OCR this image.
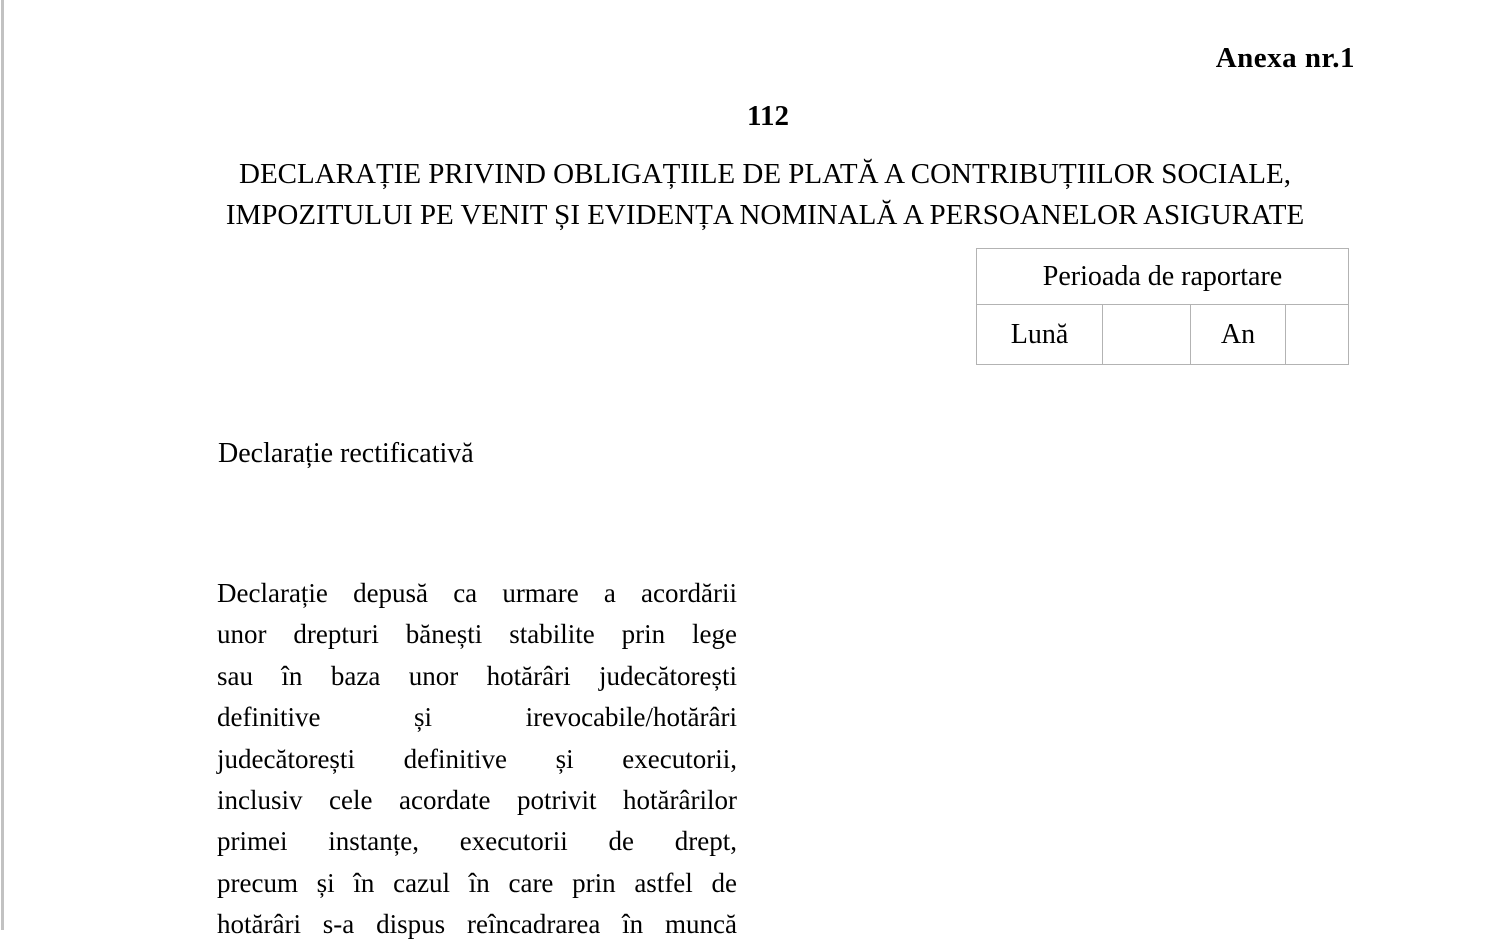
Anexa nr.1
112
DECLARAȚIE PRIVIND OBLIGAȚIILE DE PLATĂ A CONTRIBUȚIILOR SOCIALE,
IMPOZITULUI PE VENIT ȘI EVIDENȚA NOMINALĂ A PERSOANELOR ASIGURATE
Perioada de raportare
Lună		An	
Declarație rectificativă
Declarație depusă ca urmare a acordării
unor drepturi bănești stabilite prin lege
sau în baza unor hotărâri judecătorești
definitive și irevocabile/hotărâri
judecătorești definitive și executorii,
inclusiv cele acordate potrivit hotărârilor
primei instanțe, executorii de drept,
precum și în cazul în care prin astfel de
hotărâri s-a dispus reîncadrarea în muncă
